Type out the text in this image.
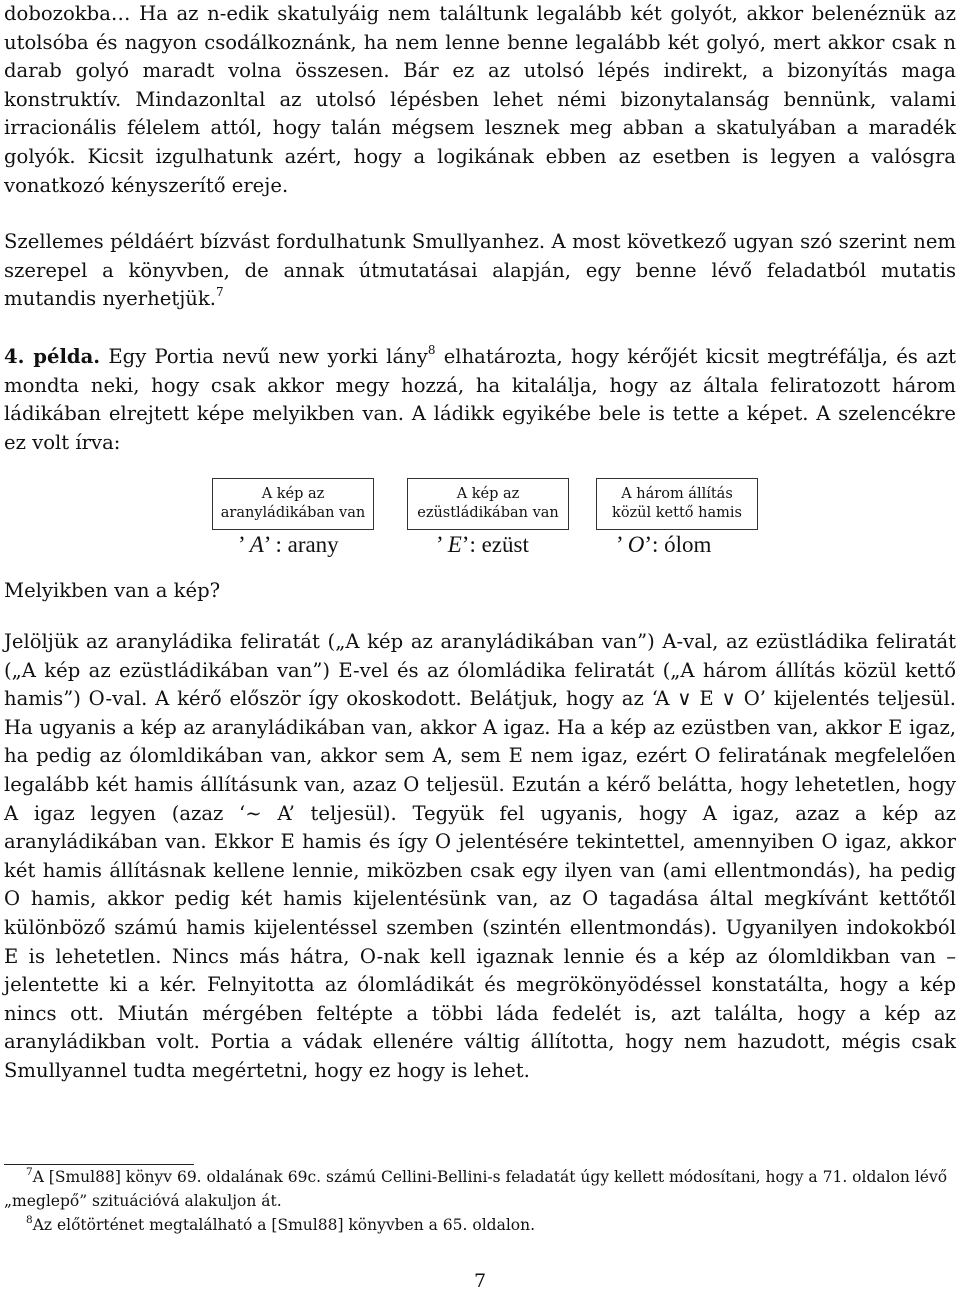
dobozokba… Ha az n-edik skatulyáig nem találtunk legalább két golyót, akkor belenéznük az utolsóba és nagyon csodálkoznánk, ha nem lenne benne legalább két golyó, mert akkor csak n darab golyó maradt volna összesen. Bár ez az utolsó lépés indirekt, a bizonyítás maga konstruktív. Mindazonltal az utolsó lépésben lehet némi bizonytalanság bennünk, valami irracionális félelem attól, hogy talán mégsem lesznek meg abban a skatulyában a maradék golyók. Kicsit izgulhatunk azért, hogy a logikának ebben az esetben is legyen a valósgra vonatkozó kényszerítő ereje.

Szellemes példáért bízvást fordulhatunk Smullyanhez. A most következő ugyan szó szerint nem szerepel a könyvben, de annak útmutatásai alapján, egy benne lévő feladatból mutatis mutandis nyerhetjük.$^7$

4. példa. Egy Portia nevű new yorki lány$^8$ elhatározta, hogy kérőjét kicsit megtréfálja, és azt mondta neki, hogy csak akkor megy hozzá, ha kitalálja, hogy az általa feliratozott három ládikában elrejtett képe melyikben van. A ládikk egyikébe bele is tette a képet. A szelencékre ez volt írva:

A kép az
aranyládikában van
A kép az
ezüstládikában van
A három állítás
közül kettő hamis
’ A’ : arany	’ E’: ezüst	’ O’: ólom
Melyikben van a kép?

Jelöljük az aranyládika feliratát („A kép az aranyládikában van”) A-val, az ezüstládika feliratát („A kép az ezüstládikában van”) E-vel és az ólomládika feliratát („A három állítás közül kettő hamis”) O-val. A kérő először így okoskodott. Belátjuk, hogy az ‘A ∨ E ∨ O’ kijelentés teljesül. Ha ugyanis a kép az aranyládikában van, akkor A igaz. Ha a kép az ezüstben van, akkor E igaz, ha pedig az ólomldikában van, akkor sem A, sem E nem igaz, ezért O feliratának megfelelően legalább két hamis állításunk van, azaz O teljesül. Ezután a kérő belátta, hogy lehetetlen, hogy A igaz legyen (azaz ‘∼ A’ teljesül). Tegyük fel ugyanis, hogy A igaz, azaz a kép az aranyládikában van. Ekkor E hamis és így O jelentésére tekintettel, amennyiben O igaz, akkor két hamis állításnak kellene lennie, miközben csak egy ilyen van (ami ellentmondás), ha pedig O hamis, akkor pedig két hamis kijelentésünk van, az O tagadása által megkívánt kettőtől különböző számú hamis kijelentéssel szemben (szintén ellentmondás). Ugyanilyen indokokból E is lehetetlen. Nincs más hátra, O-nak kell igaznak lennie és a kép az ólomldikban van – jelentette ki a kér. Felnyitotta az ólomládikát és megrökönyödéssel konstatálta, hogy a kép nincs ott. Miután mérgében feltépte a többi láda fedelét is, azt találta, hogy a kép az aranyládikban volt. Portia a vádak ellenére váltig állította, hogy nem hazudott, mégis csak Smullyannel tudta megértetni, hogy ez hogy is lehet.

$^7$A [Smul88] könyv 69. oldalának 69c. számú Cellini-Bellini-s feladatát úgy kellett módosítani, hogy a 71. oldalon lévő „meglepő” szituációvá alakuljon át.

$^8$Az előtörténet megtalálható a [Smul88] könyvben a 65. oldalon.

7
